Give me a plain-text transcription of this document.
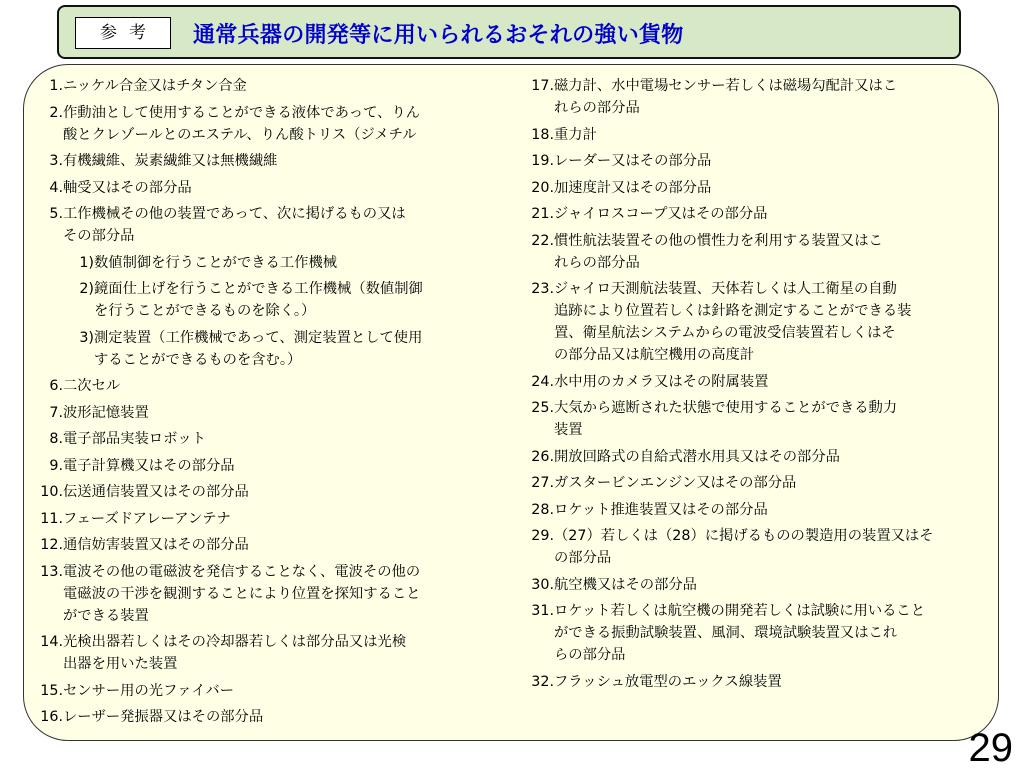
参考	通常兵器の開発等に用いられるおそれの強い貨物
1.ニッケル合金又はチタン合金
2.作動油として使用することができる液体であって、りん
酸とクレゾールとのエステル、りん酸トリス（ジメチル
3.有機繊維、炭素繊維又は無機繊維
4.軸受又はその部分品
5.工作機械その他の装置であって、次に掲げるもの又は
その部分品
1)数値制御を行うことができる工作機械
2)鏡面仕上げを行うことができる工作機械（数値制御
を行うことができるものを除く。）
3)測定装置（工作機械であって、測定装置として使用
することができるものを含む。）
6.二次セル
7.波形記憶装置
8.電子部品実装ロボット
9.電子計算機又はその部分品
10.伝送通信装置又はその部分品
11.フェーズドアレーアンテナ
12.通信妨害装置又はその部分品
13.電波その他の電磁波を発信することなく、電波その他の
電磁波の干渉を観測することにより位置を探知すること
ができる装置
14.光検出器若しくはその冷却器若しくは部分品又は光検
出器を用いた装置
15.センサー用の光ファイバー
16.レーザー発振器又はその部分品
17.磁力計、水中電場センサー若しくは磁場勾配計又はこ
れらの部分品
18.重力計
19.レーダー又はその部分品
20.加速度計又はその部分品
21.ジャイロスコープ又はその部分品
22.慣性航法装置その他の慣性力を利用する装置又はこ
れらの部分品
23.ジャイロ天測航法装置、天体若しくは人工衛星の自動
追跡により位置若しくは針路を測定することができる装
置、衛星航法システムからの電波受信装置若しくはそ
の部分品又は航空機用の高度計
24.水中用のカメラ又はその附属装置
25.大気から遮断された状態で使用することができる動力
装置
26.開放回路式の自給式潜水用具又はその部分品
27.ガスタービンエンジン又はその部分品
28.ロケット推進装置又はその部分品
29.（27）若しくは（28）に掲げるものの製造用の装置又はそ
の部分品
30.航空機又はその部分品
31.ロケット若しくは航空機の開発若しくは試験に用いること
ができる振動試験装置、風洞、環境試験装置又はこれ
らの部分品
32.フラッシュ放電型のエックス線装置
29
